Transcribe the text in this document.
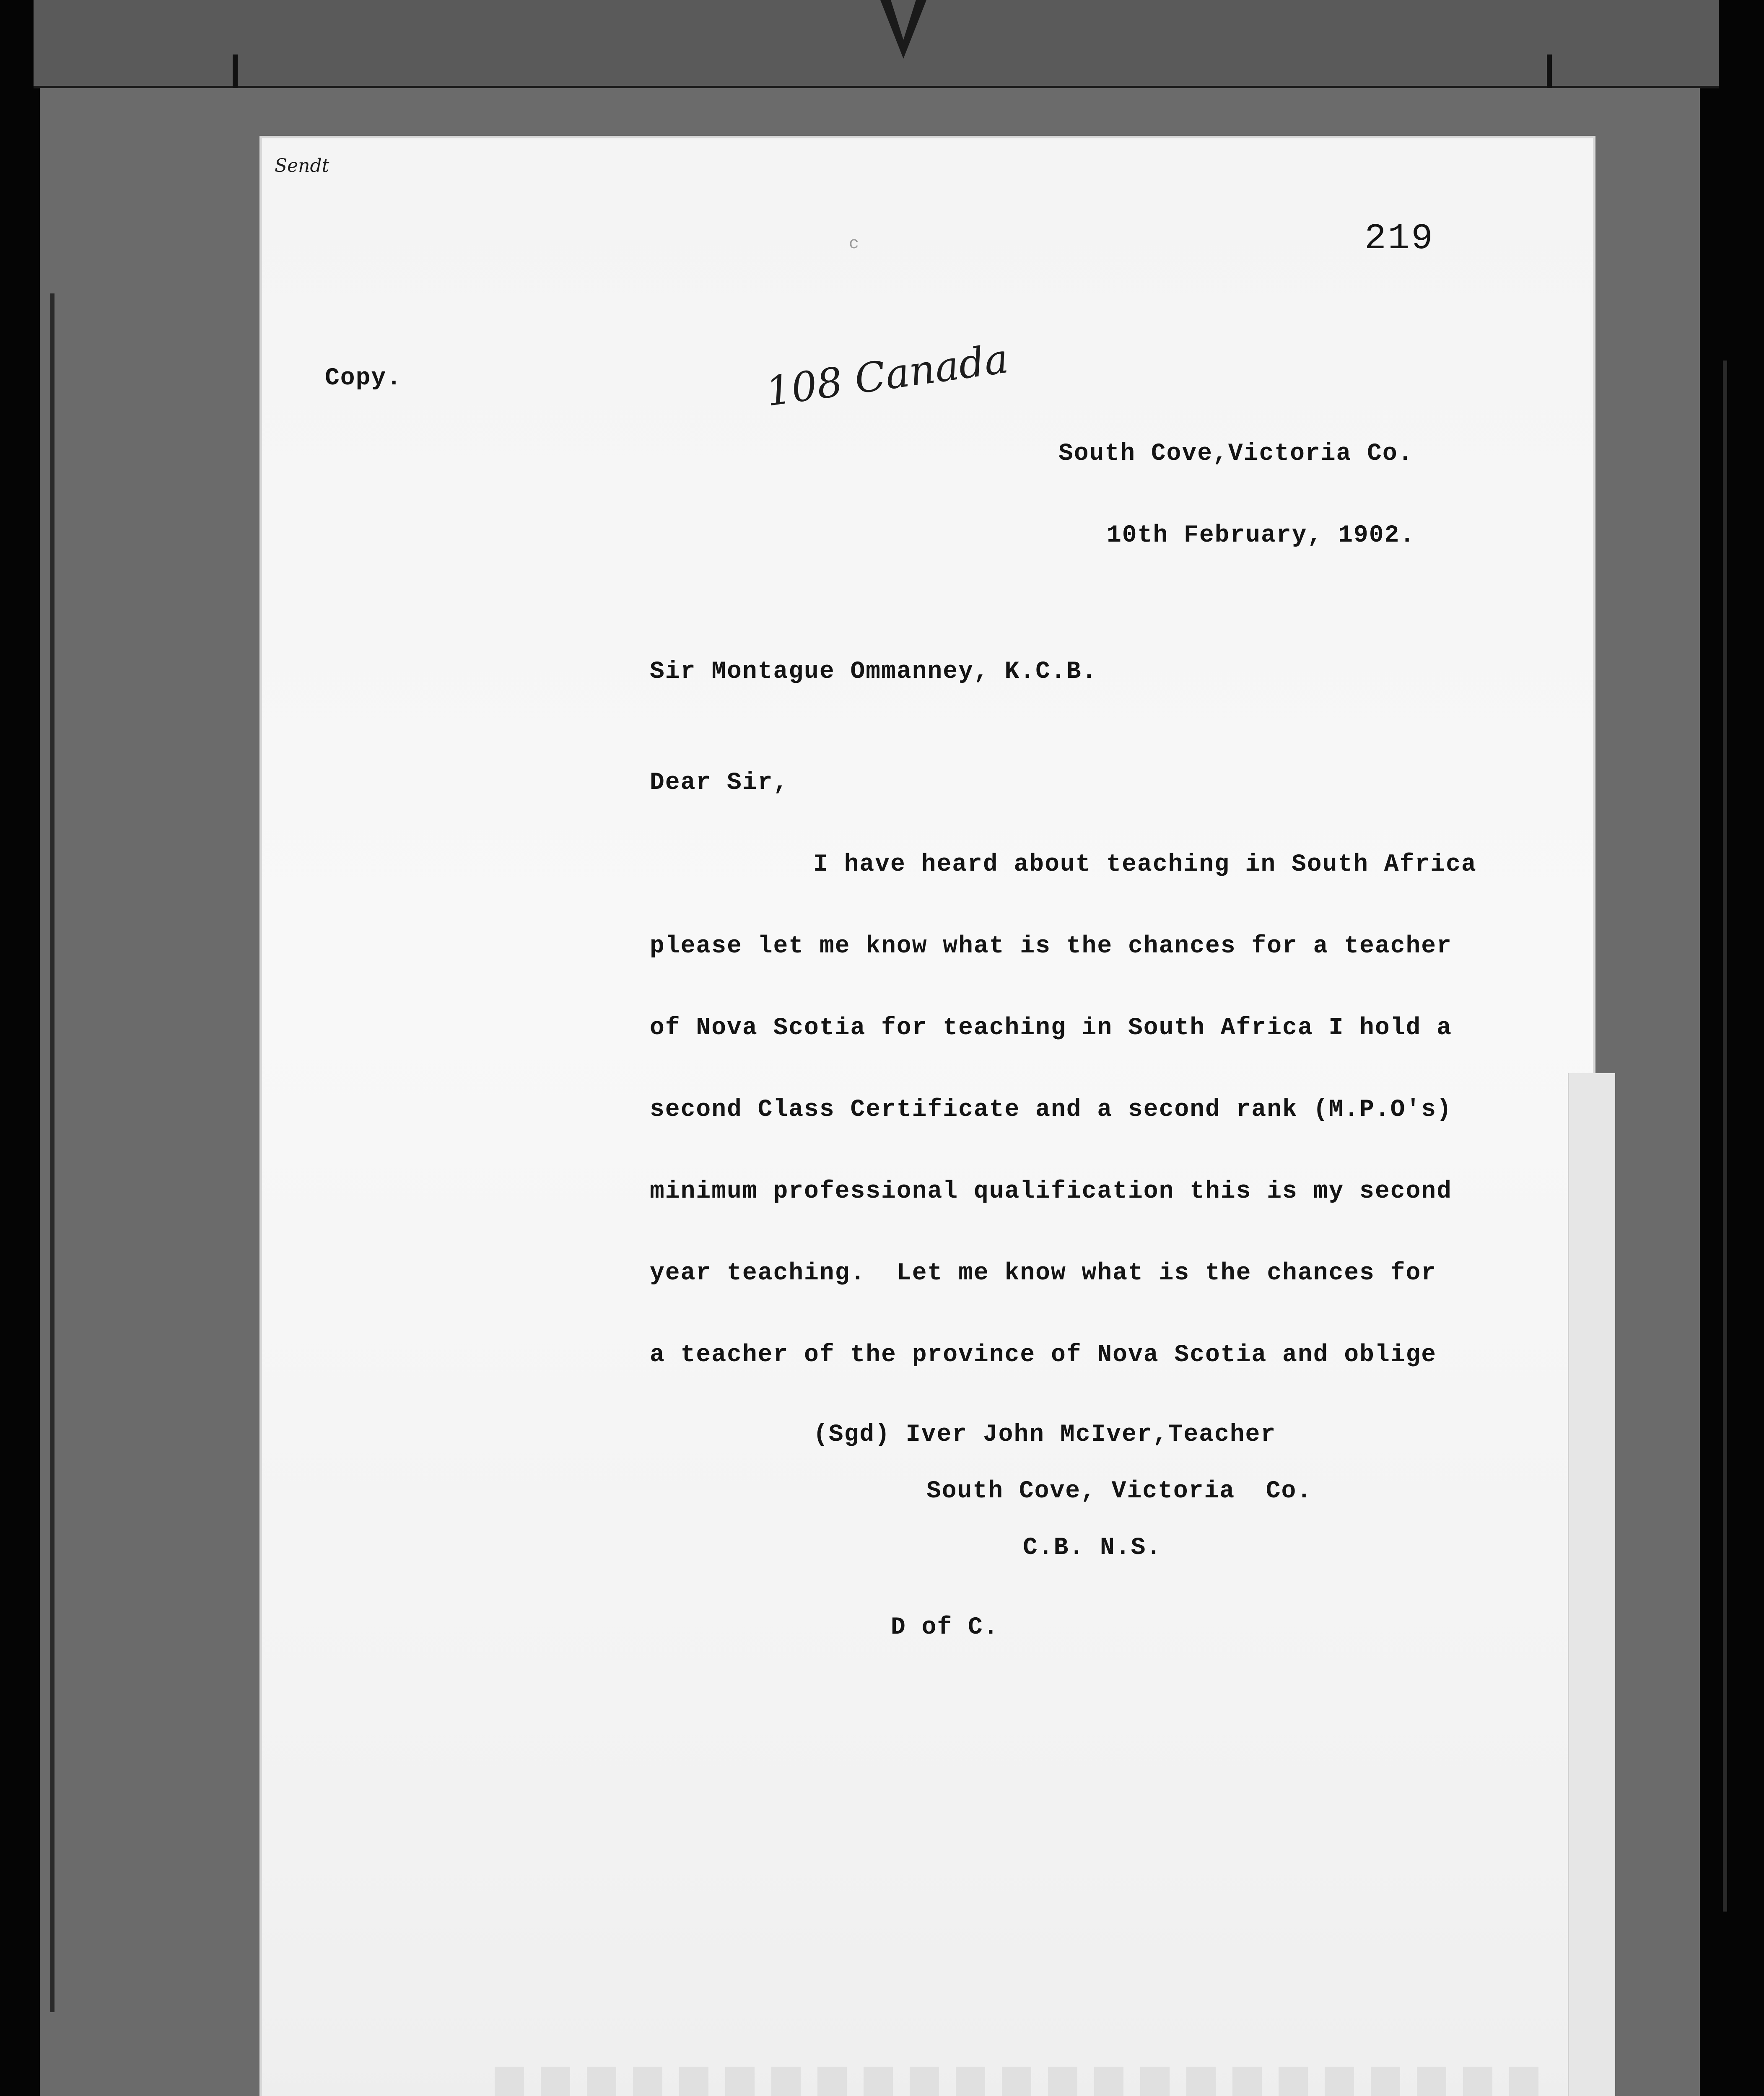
Sendt
219
c
Copy.	108 Canada
South Cove,Victoria Co.
10th February, 1902.
Sir Montague Ommanney, K.C.B.
Dear Sir,
I have heard about teaching in South Africa
please let me know what is the chances for a teacher
of Nova Scotia for teaching in South Africa I hold a
second Class Certificate and a second rank (M.P.O's)
minimum professional qualification this is my second
year teaching.  Let me know what is the chances for
a teacher of the province of Nova Scotia and oblige
(Sgd) Iver John McIver,Teacher
South Cove, Victoria  Co.
C.B. N.S.
D of C.
